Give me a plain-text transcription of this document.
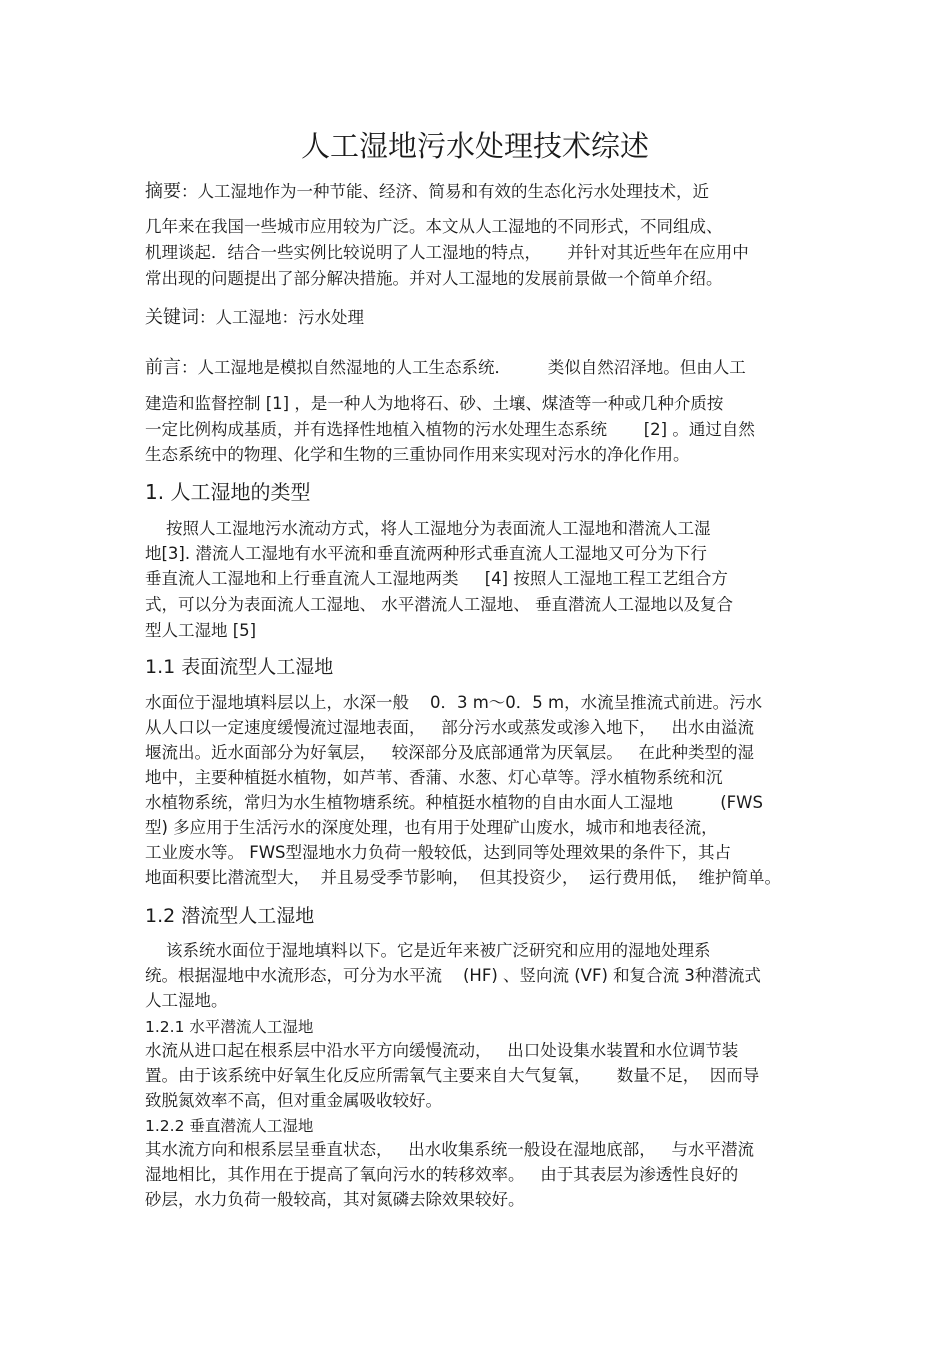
人工湿地污水处理技术综述
摘要：人工湿地作为一种节能、经济、简易和有效的生态化污水处理技术，近
几年来在我国一些城市应用较为广泛。本文从人工湿地的不同形式，不同组成、
机理谈起．结合一些实例比较说明了人工湿地的特点，     并针对其近些年在应用中
常出现的问题提出了部分解决措施。并对人工湿地的发展前景做一个简单介绍。
关键词：人工湿地：污水处理
前言：人工湿地是模拟自然湿地的人工生态系统．       类似自然沼泽地。但由人工
建造和监督控制 [1] ，是一种人为地将石、砂、土壤、煤渣等一种或几种介质按
一定比例构成基质，并有选择性地植入植物的污水处理生态系统       [2] 。通过自然
生态系统中的物理、化学和生物的三重协同作用来实现对污水的净化作用。
1. 人工湿地的类型
按照人工湿地污水流动方式，将人工湿地分为表面流人工湿地和潜流人工湿
地[3]. 潜流人工湿地有水平流和垂直流两种形式垂直流人工湿地又可分为下行
垂直流人工湿地和上行垂直流人工湿地两类     [4] 按照人工湿地工程工艺组合方
式，可以分为表面流人工湿地、 水平潜流人工湿地、 垂直潜流人工湿地以及复合
型人工湿地 [5]
1.1 表面流型人工湿地
水面位于湿地填料层以上，水深一般    0．3 m～0．5 m，水流呈推流式前进。污水
从人口以一定速度缓慢流过湿地表面，   部分污水或蒸发或渗入地下，   出水由溢流
堰流出。近水面部分为好氧层，   较深部分及底部通常为厌氧层。   在此种类型的湿
地中，主要种植挺水植物，如芦苇、香蒲、水葱、灯心草等。浮水植物系统和沉
水植物系统，常归为水生植物塘系统。种植挺水植物的自由水面人工湿地         (FWS
型) 多应用于生活污水的深度处理，也有用于处理矿山废水，城市和地表径流，
工业废水等。 FWS型湿地水力负荷一般较低，达到同等处理效果的条件下，其占
地面积要比潜流型大，  并且易受季节影响，  但其投资少，  运行费用低，  维护简单。
1.2 潜流型人工湿地
该系统水面位于湿地填料以下。它是近年来被广泛研究和应用的湿地处理系
统。根据湿地中水流形态，可分为水平流    (HF) 、竖向流 (VF) 和复合流 3种潜流式
人工湿地。
1.2.1 水平潜流人工湿地
水流从进口起在根系层中沿水平方向缓慢流动，   出口处设集水装置和水位调节装
置。由于该系统中好氧生化反应所需氧气主要来自大气复氧，     数量不足，  因而导
致脱氮效率不高，但对重金属吸收较好。
1.2.2 垂直潜流人工湿地
其水流方向和根系层呈垂直状态，   出水收集系统一般设在湿地底部，   与水平潜流
湿地相比，其作用在于提高了氧向污水的转移效率。   由于其表层为渗透性良好的
砂层，水力负荷一般较高，其对氮磷去除效果较好。
